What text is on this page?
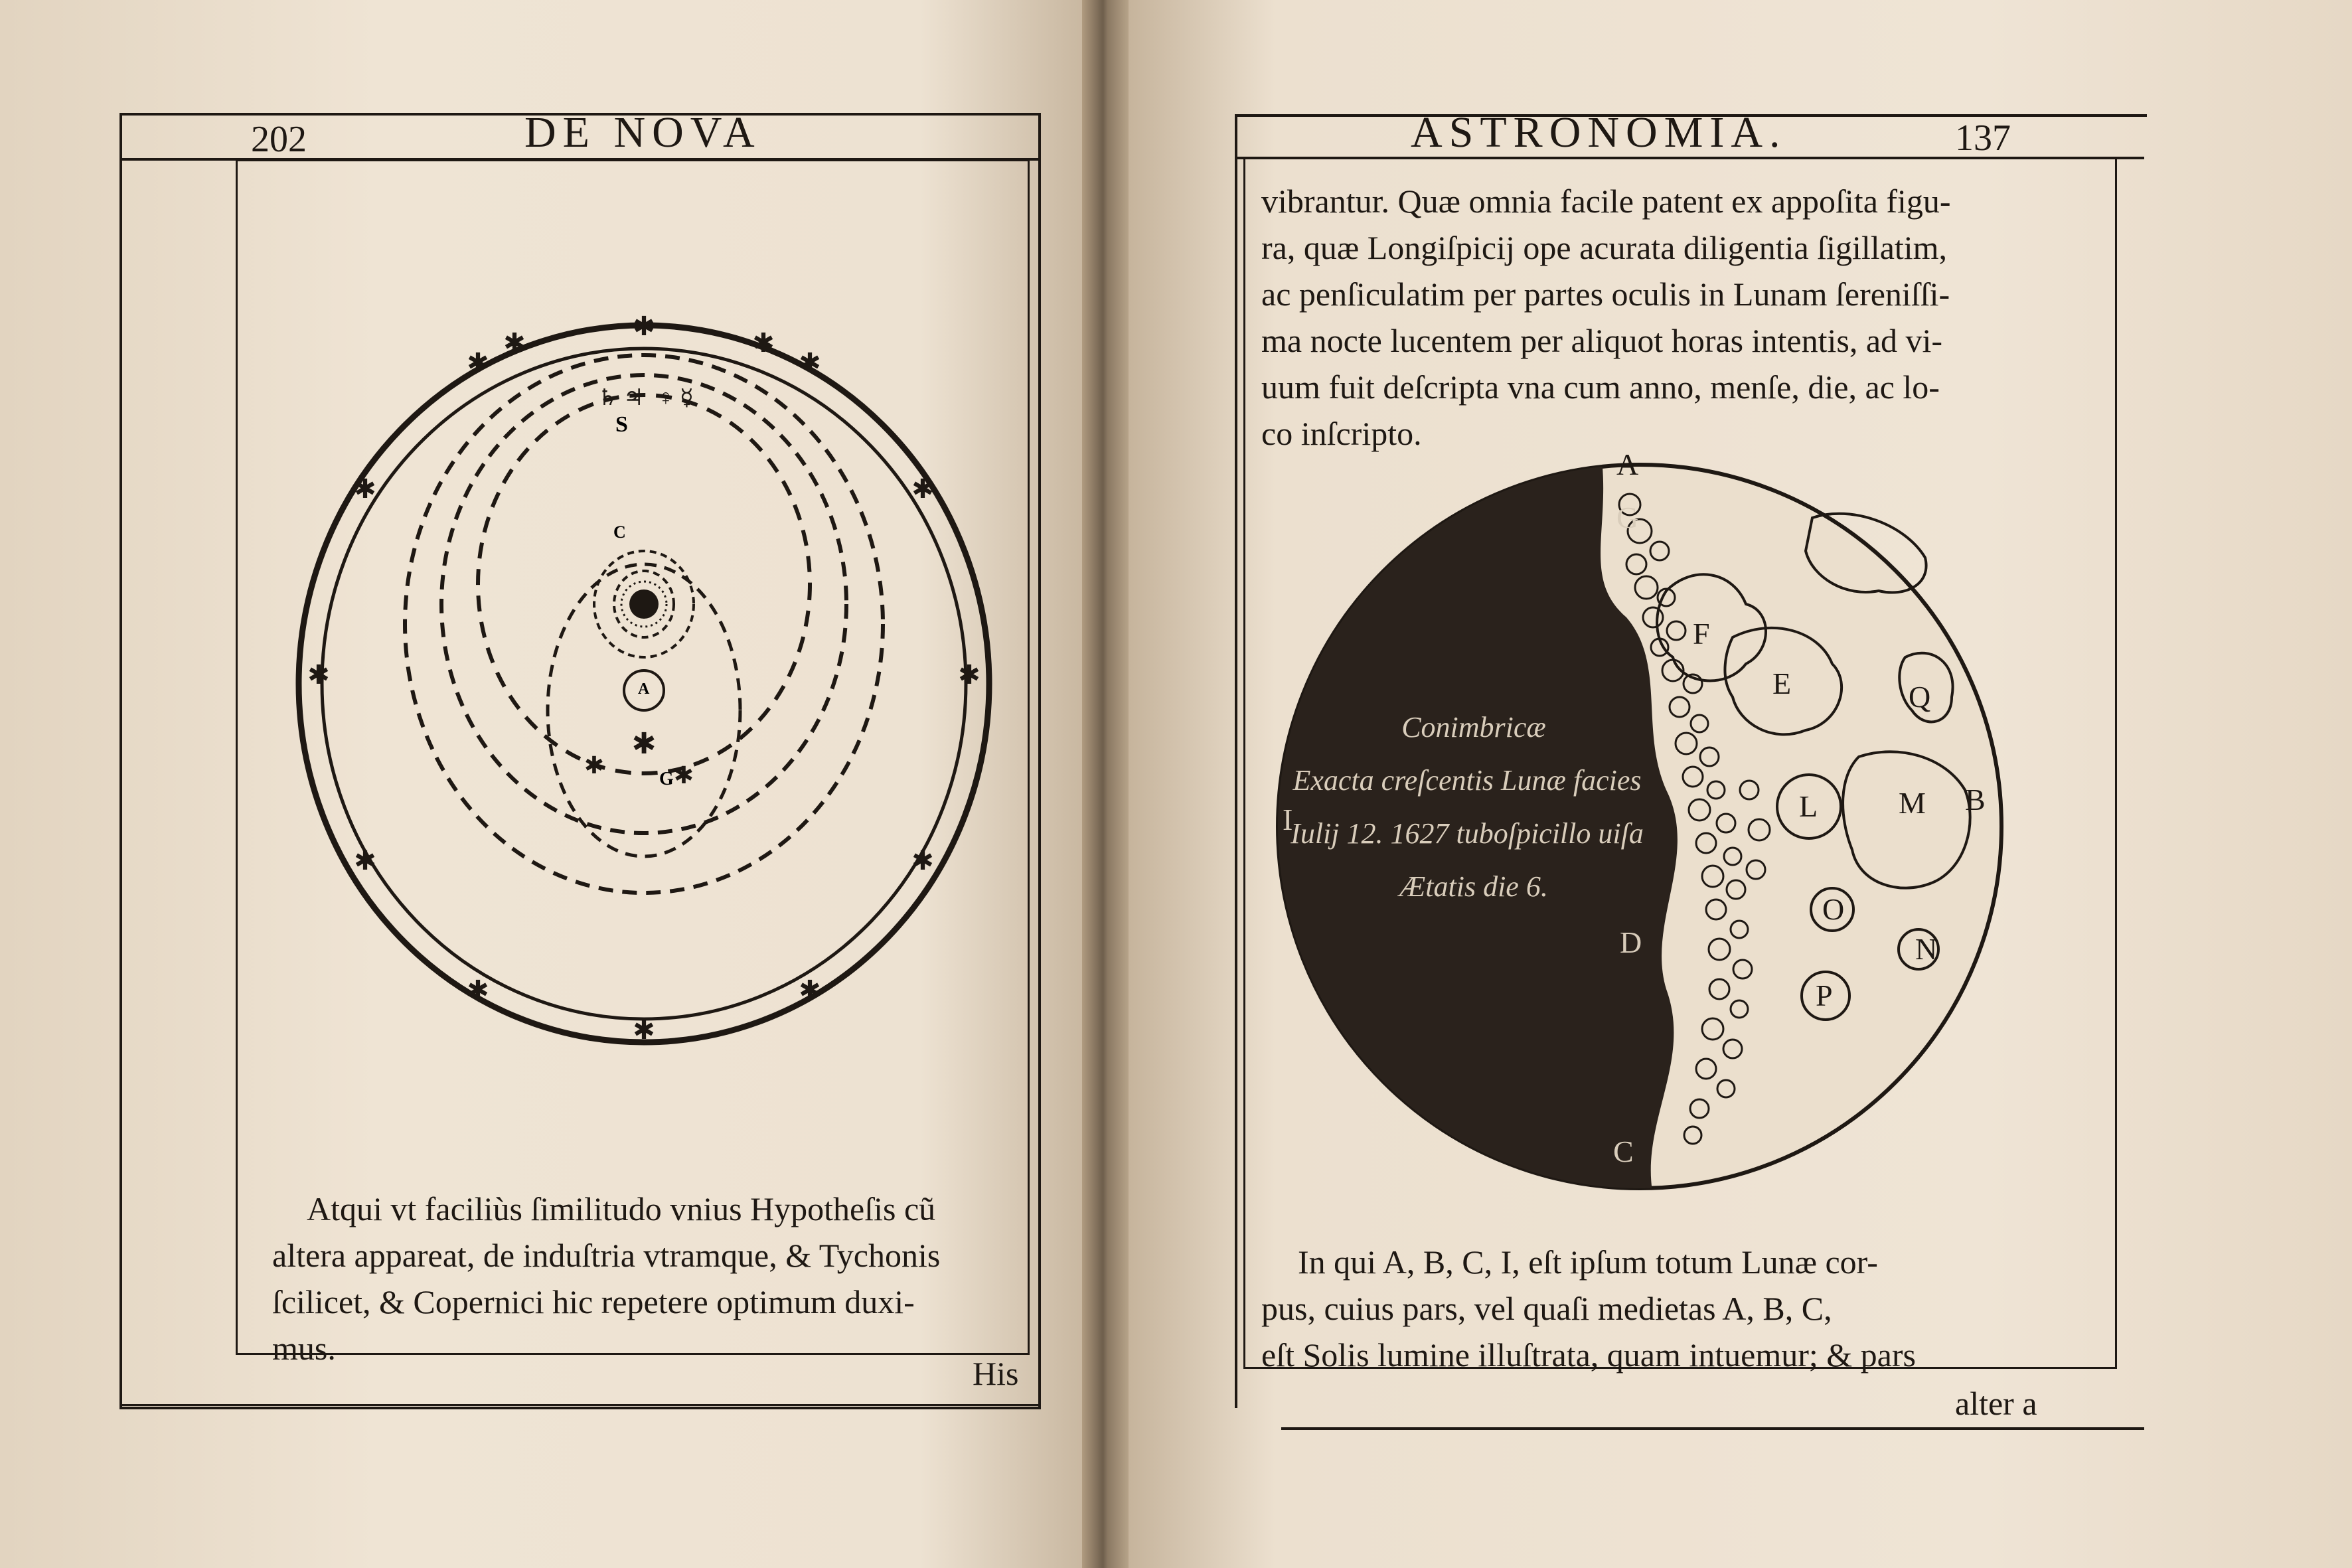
202	DE NOVA
✱
✱
✱
✱
✱
✱
✱
✱
✱
✱
✱
✱
✱	✱
S
C
A
G
✱
✱	✱
♄ ♃ ♀ ☿
Atqui vt faciliùs ſimilitudo vnius Hypotheſis cũ
altera appareat, de induſtria vtramque, & Tychonis
ſcilicet, & Copernici hic repetere optimum duxi-
mus.
His
ASTRONOMIA.	137
vibrantur. Quæ omnia facile patent ex appoſita figu-
ra, quæ Longiſpicij ope acurata diligentia ſigillatim,
ac penſiculatim per partes oculis in Lunam ſereniſſi-
ma nocte lucentem per aliquot horas intentis, ad vi-
uum fuit deſcripta vna cum anno, menſe, die, ac lo-
co inſcripto.
Conimbricæ
Exacta creſcentis Lunæ facies
Iulij 12. 1627 tuboſpicillo uiſa
Ætatis die 6.
A
G
F
E	Q
L	M B
I
O
N
D
P
C
In qui A, B, C, I, eſt ipſum totum Lunæ cor-
pus, cuius pars, vel quaſi medietas A, B, C,
eſt Solis lumine illuſtrata, quam intuemur; & pars
alter a
